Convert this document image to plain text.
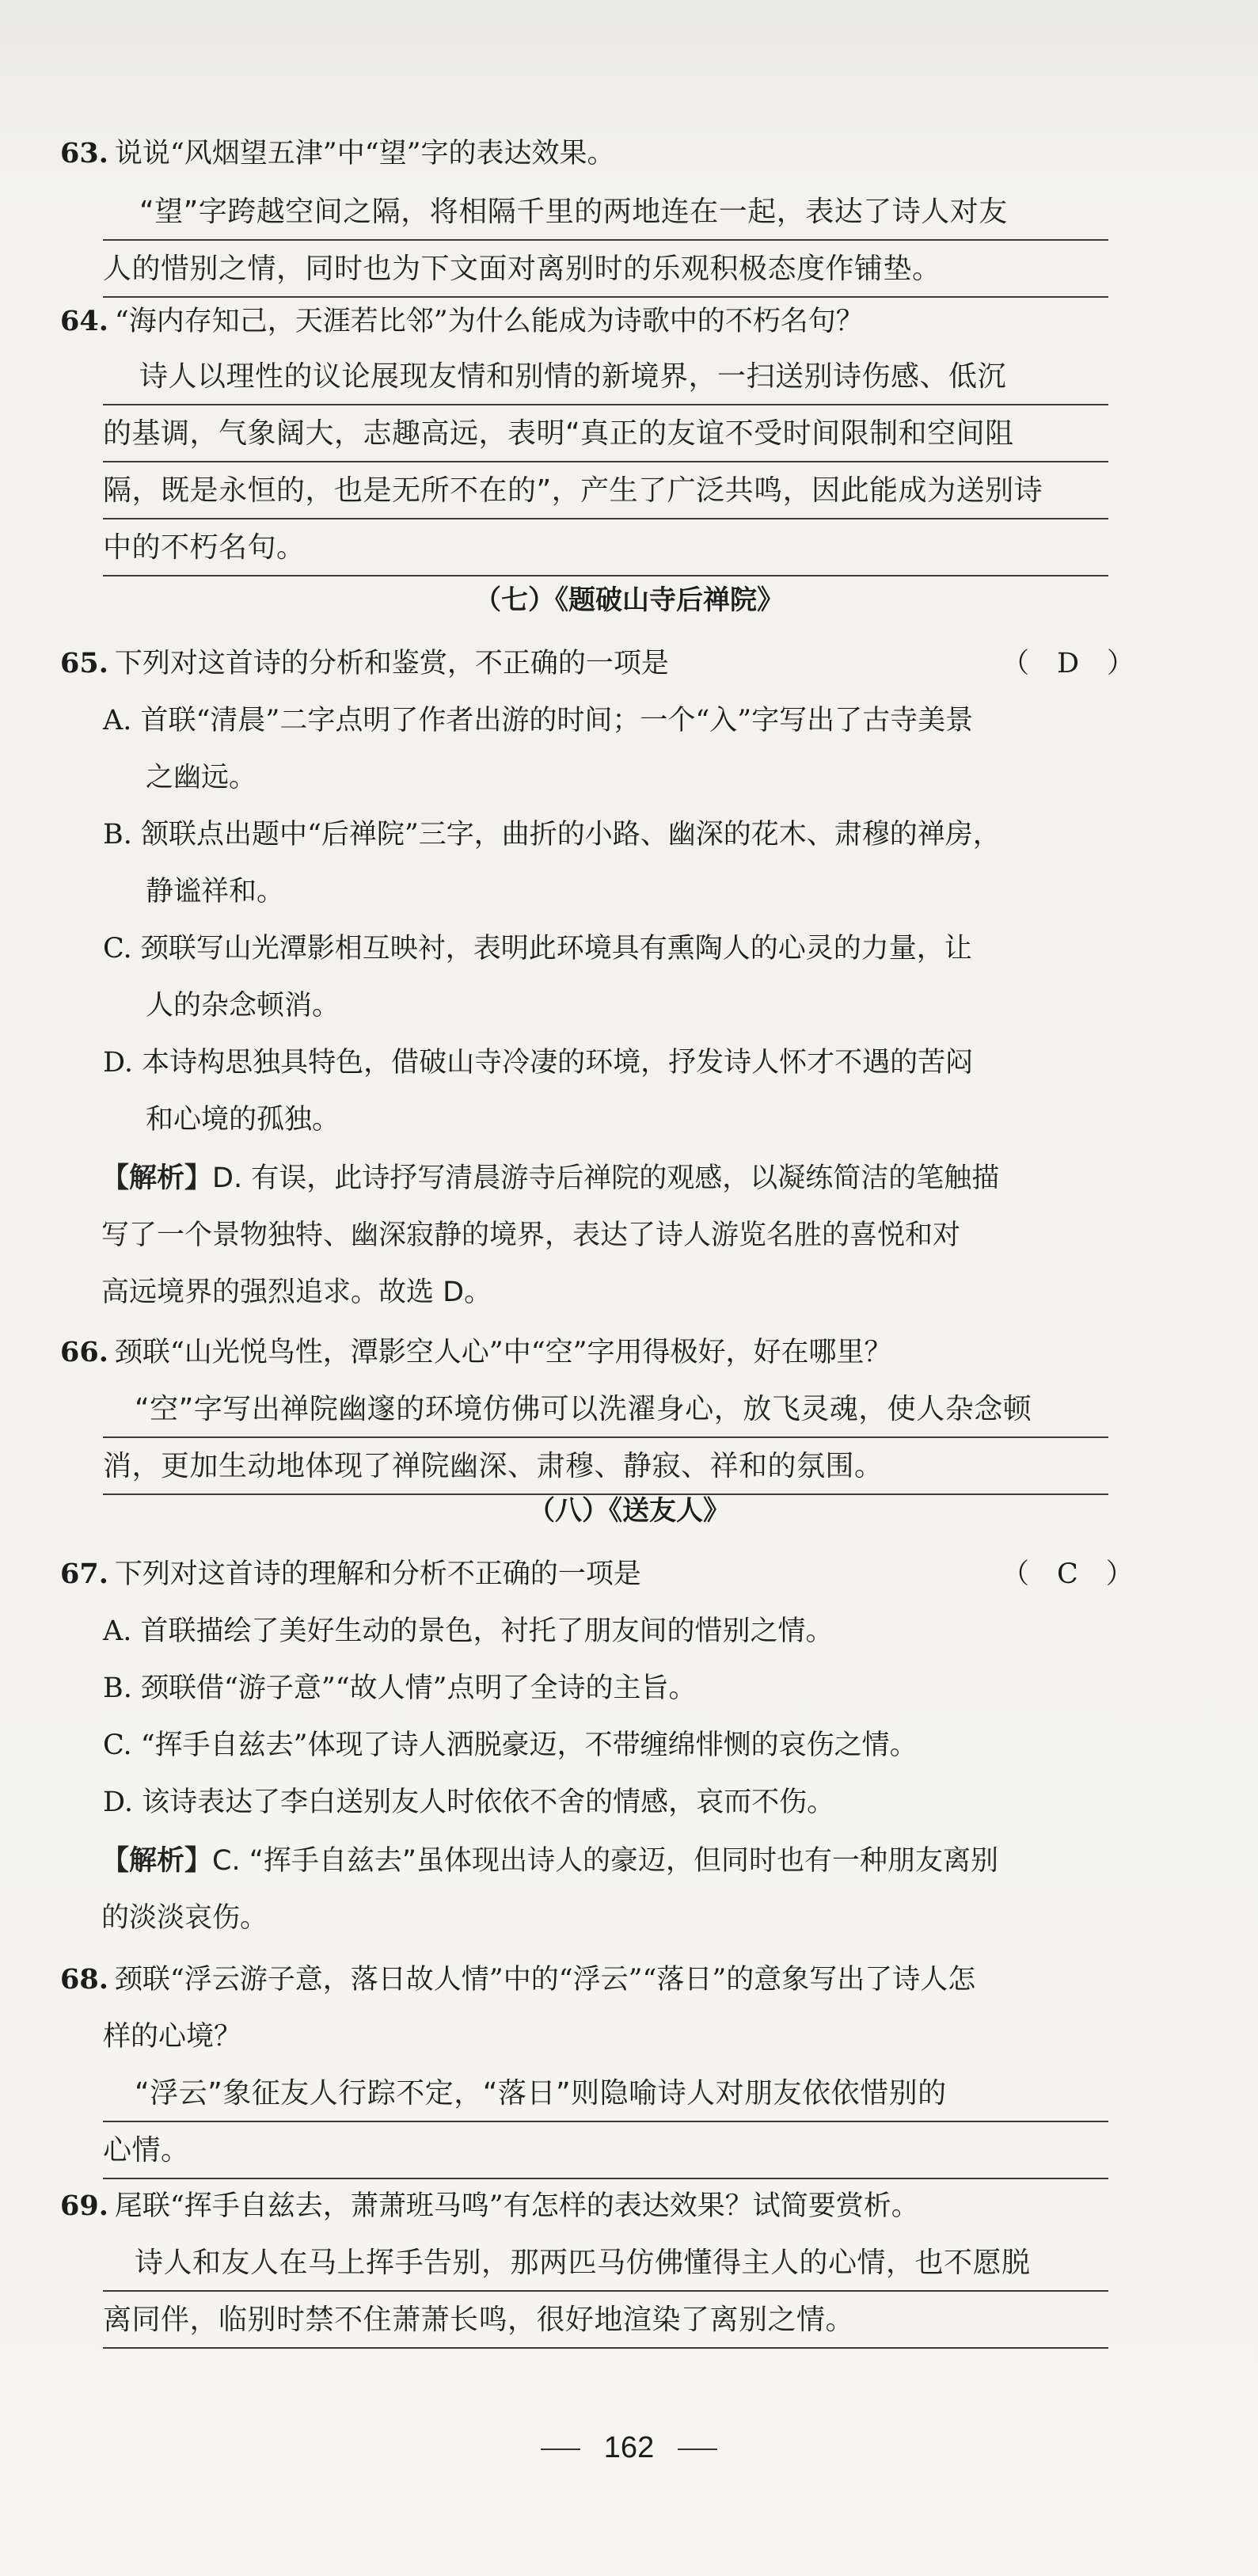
63. 说说“风烟望五津”中“望”字的表达效果。
“望”字跨越空间之隔，将相隔千里的两地连在一起，表达了诗人对友
人的惜别之情，同时也为下文面对离别时的乐观积极态度作铺垫。
64. “海内存知己，天涯若比邻”为什么能成为诗歌中的不朽名句？
诗人以理性的议论展现友情和别情的新境界，一扫送别诗伤感、低沉
的基调，气象阔大，志趣高远，表明“真正的友谊不受时间限制和空间阻
隔，既是永恒的，也是无所不在的”，产生了广泛共鸣，因此能成为送别诗
中的不朽名句。
（七）《题破山寺后禅院》
65. 下列对这首诗的分析和鉴赏，不正确的一项是	（　D　）
A. 首联“清晨”二字点明了作者出游的时间；一个“入”字写出了古寺美景
之幽远。
B. 颔联点出题中“后禅院”三字，曲折的小路、幽深的花木、肃穆的禅房，
静谧祥和。
C. 颈联写山光潭影相互映衬，表明此环境具有熏陶人的心灵的力量，让
人的杂念顿消。
D. 本诗构思独具特色，借破山寺冷凄的环境，抒发诗人怀才不遇的苦闷
和心境的孤独。
【解析】D. 有误，此诗抒写清晨游寺后禅院的观感，以凝练简洁的笔触描
写了一个景物独特、幽深寂静的境界，表达了诗人游览名胜的喜悦和对
高远境界的强烈追求。故选 D。
66. 颈联“山光悦鸟性，潭影空人心”中“空”字用得极好，好在哪里？
“空”字写出禅院幽邃的环境仿佛可以洗濯身心，放飞灵魂，使人杂念顿
消，更加生动地体现了禅院幽深、肃穆、静寂、祥和的氛围。
（八）《送友人》
67. 下列对这首诗的理解和分析不正确的一项是	（　C　）
A. 首联描绘了美好生动的景色，衬托了朋友间的惜别之情。
B. 颈联借“游子意”“故人情”点明了全诗的主旨。
C. “挥手自兹去”体现了诗人洒脱豪迈，不带缠绵悱恻的哀伤之情。
D. 该诗表达了李白送别友人时依依不舍的情感，哀而不伤。
【解析】C. “挥手自兹去”虽体现出诗人的豪迈，但同时也有一种朋友离别
的淡淡哀伤。
68. 颈联“浮云游子意，落日故人情”中的“浮云”“落日”的意象写出了诗人怎
样的心境？
“浮云”象征友人行踪不定，“落日”则隐喻诗人对朋友依依惜别的
心情。
69. 尾联“挥手自兹去，萧萧班马鸣”有怎样的表达效果？试简要赏析。
诗人和友人在马上挥手告别，那两匹马仿佛懂得主人的心情，也不愿脱
离同伴，临别时禁不住萧萧长鸣，很好地渲染了离别之情。
162
